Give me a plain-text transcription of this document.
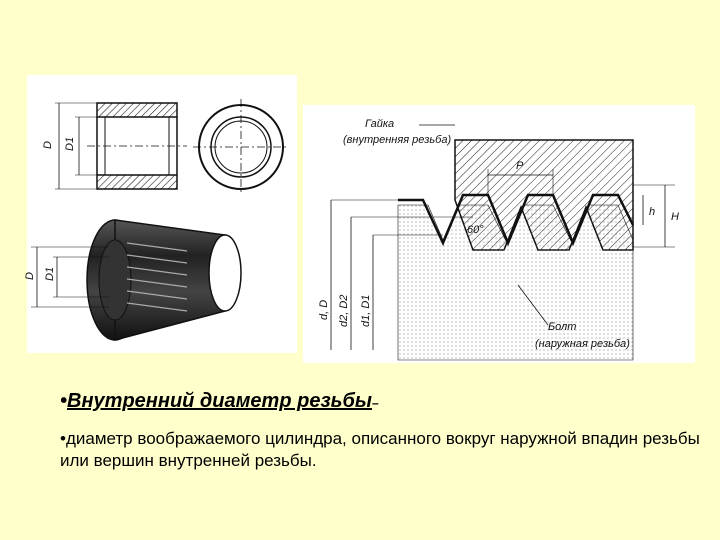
D D1
D D1
P
60°
h H
d, D d2, D2 d1, D1
Гайка
(внутренняя резьба)
Болт
(наружная резьба)
•Внутренний диаметр резьбы–
•диаметр воображаемого цилиндра, описанного вокруг наружной впадин резьбы или вершин внутренней резьбы.
